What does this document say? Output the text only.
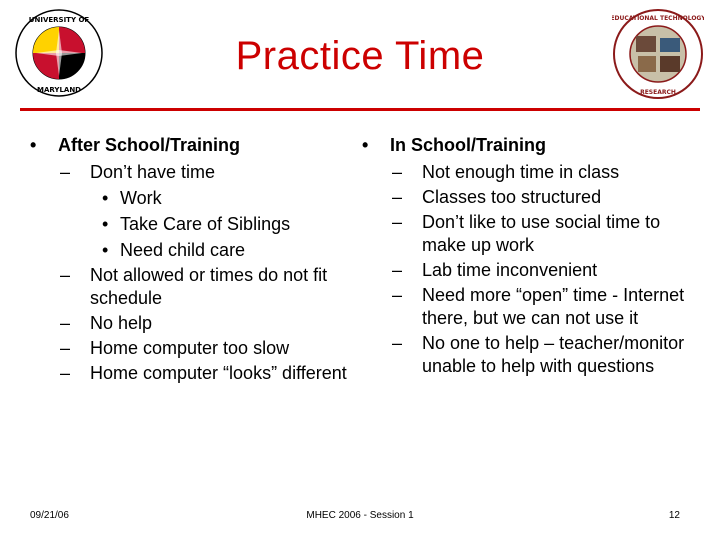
UNIVERSITY OF
MARYLAND
Practice Time
EDUCATIONAL TECHNOLOGY
RESEARCH
• After School/Training
– Don’t have time
• Work
• Take Care of Siblings
• Need child care
– Not allowed or times do not fit schedule
– No help
– Home computer too slow
– Home computer “looks” different
• In School/Training
– Not enough time in class
– Classes too structured
– Don’t like to use social time to make up work
– Lab time inconvenient
– Need more “open” time - Internet there, but we can not use it
– No one to help – teacher/monitor unable to help with questions
09/21/06	MHEC 2006 - Session 1	12
